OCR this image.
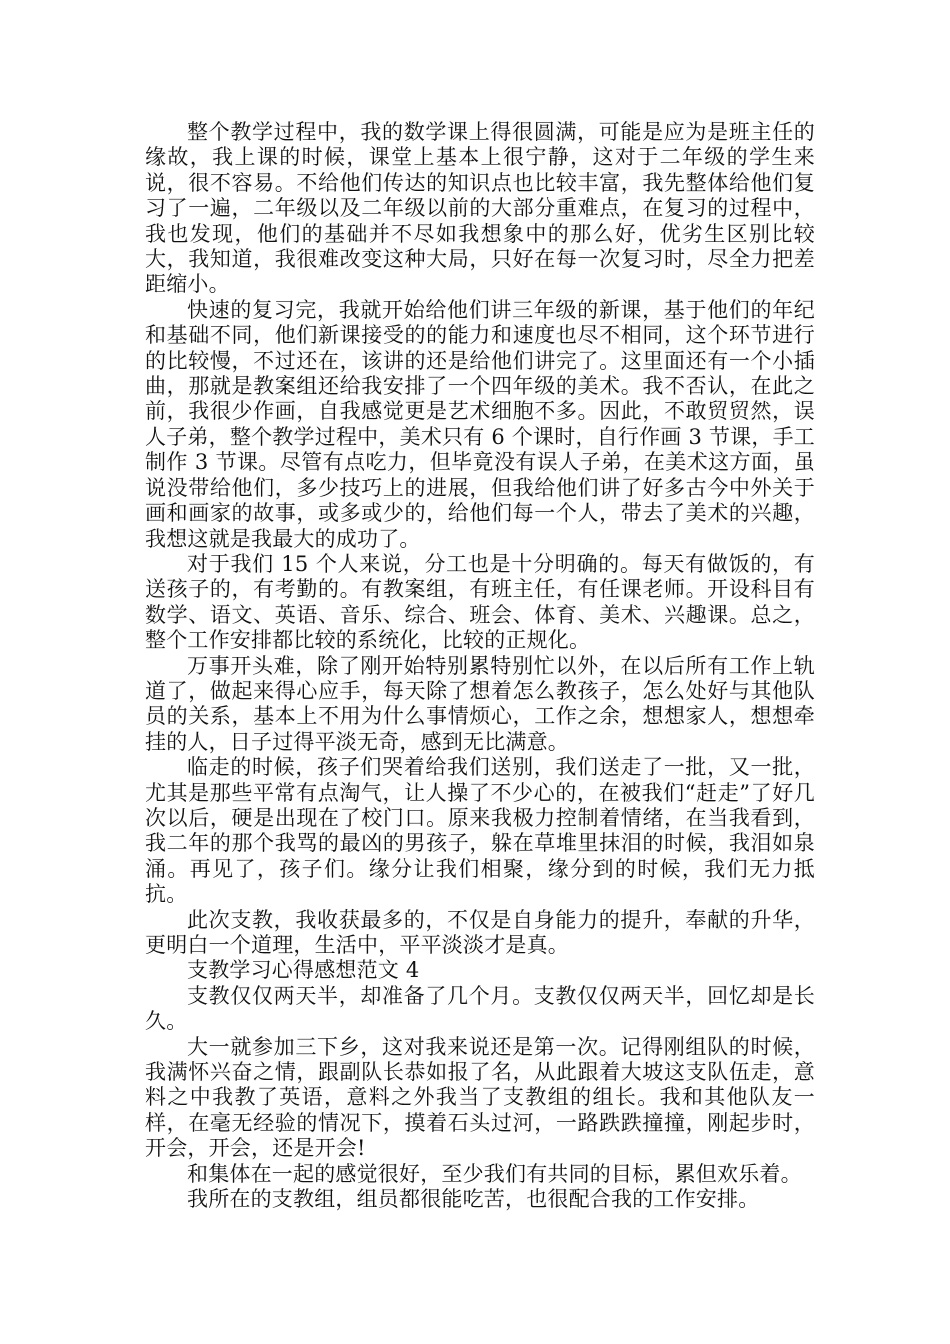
整个教学过程中，我的数学课上得很圆满，可能是应为是班主任的缘故，我上课的时候，课堂上基本上很宁静，这对于二年级的学生来说，很不容易。不给他们传达的知识点也比较丰富，我先整体给他们复习了一遍，二年级以及二年级以前的大部分重难点，在复习的过程中，我也发现，他们的基础并不尽如我想象中的那么好，优劣生区别比较大，我知道，我很难改变这种大局，只好在每一次复习时，尽全力把差距缩小。

快速的复习完，我就开始给他们讲三年级的新课，基于他们的年纪和基础不同，他们新课接受的的能力和速度也尽不相同，这个环节进行的比较慢，不过还在，该讲的还是给他们讲完了。这里面还有一个小插曲，那就是教案组还给我安排了一个四年级的美术。我不否认，在此之前，我很少作画，自我感觉更是艺术细胞不多。因此，不敢贸贸然，误人子弟，整个教学过程中，美术只有 6 个课时，自行作画 3 节课，手工制作 3 节课。尽管有点吃力，但毕竟没有误人子弟，在美术这方面，虽说没带给他们，多少技巧上的进展，但我给他们讲了好多古今中外关于画和画家的故事，或多或少的，给他们每一个人，带去了美术的兴趣，我想这就是我最大的成功了。

对于我们 15 个人来说，分工也是十分明确的。每天有做饭的，有送孩子的，有考勤的。有教案组，有班主任，有任课老师。开设科目有数学、语文、英语、音乐、综合、班会、体育、美术、兴趣课。总之，整个工作安排都比较的系统化，比较的正规化。

万事开头难，除了刚开始特别累特别忙以外，在以后所有工作上轨道了，做起来得心应手，每天除了想着怎么教孩子，怎么处好与其他队员的关系，基本上不用为什么事情烦心，工作之余，想想家人，想想牵挂的人，日子过得平淡无奇，感到无比满意。

临走的时候，孩子们哭着给我们送别，我们送走了一批，又一批，尤其是那些平常有点淘气，让人操了不少心的，在被我们“赶走”了好几次以后，硬是出现在了校门口。原来我极力控制着情绪，在当我看到，我二年的那个我骂的最凶的男孩子，躲在草堆里抹泪的时候，我泪如泉涌。再见了，孩子们。缘分让我们相聚，缘分到的时候，我们无力抵抗。

此次支教，我收获最多的，不仅是自身能力的提升，奉献的升华，更明白一个道理，生活中，平平淡淡才是真。

支教学习心得感想范文 4

支教仅仅两天半，却准备了几个月。支教仅仅两天半，回忆却是长久。

大一就参加三下乡，这对我来说还是第一次。记得刚组队的时候，我满怀兴奋之情，跟副队长恭如报了名，从此跟着大坡这支队伍走，意料之中我教了英语，意料之外我当了支教组的组长。我和其他队友一样，在毫无经验的情况下，摸着石头过河，一路跌跌撞撞，刚起步时，开会，开会，还是开会!

和集体在一起的感觉很好，至少我们有共同的目标，累但欢乐着。

我所在的支教组，组员都很能吃苦，也很配合我的工作安排。
